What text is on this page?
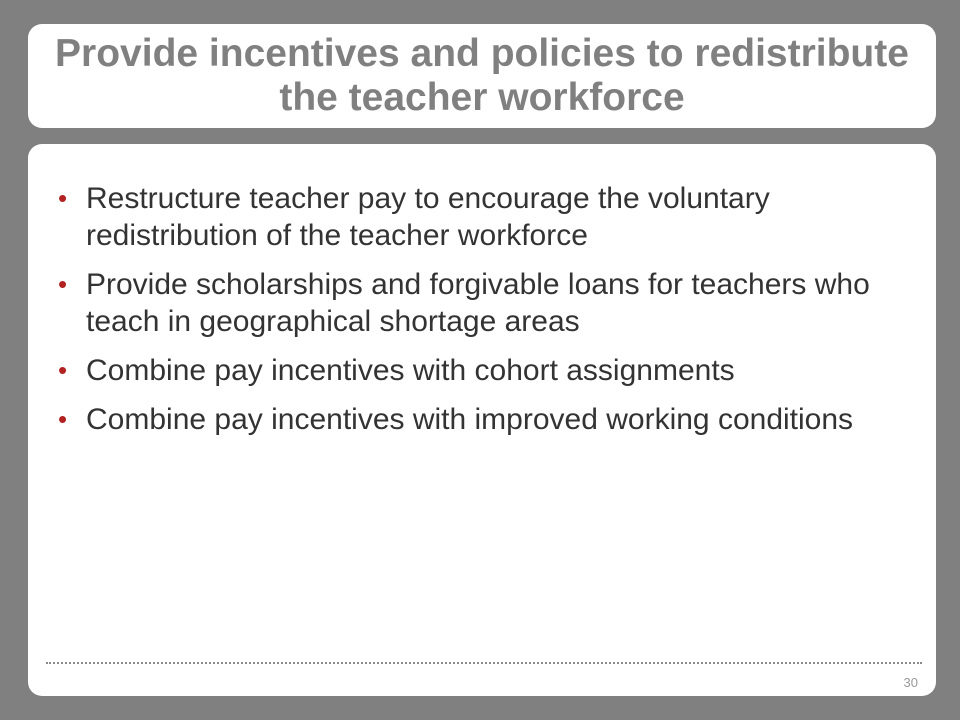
Provide incentives and policies to redistribute the teacher workforce
• Restructure teacher pay to encourage the voluntary redistribution of the teacher workforce
• Provide scholarships and forgivable loans for teachers who teach in geographical shortage areas
• Combine pay incentives with cohort assignments
• Combine pay incentives with improved working conditions
30
